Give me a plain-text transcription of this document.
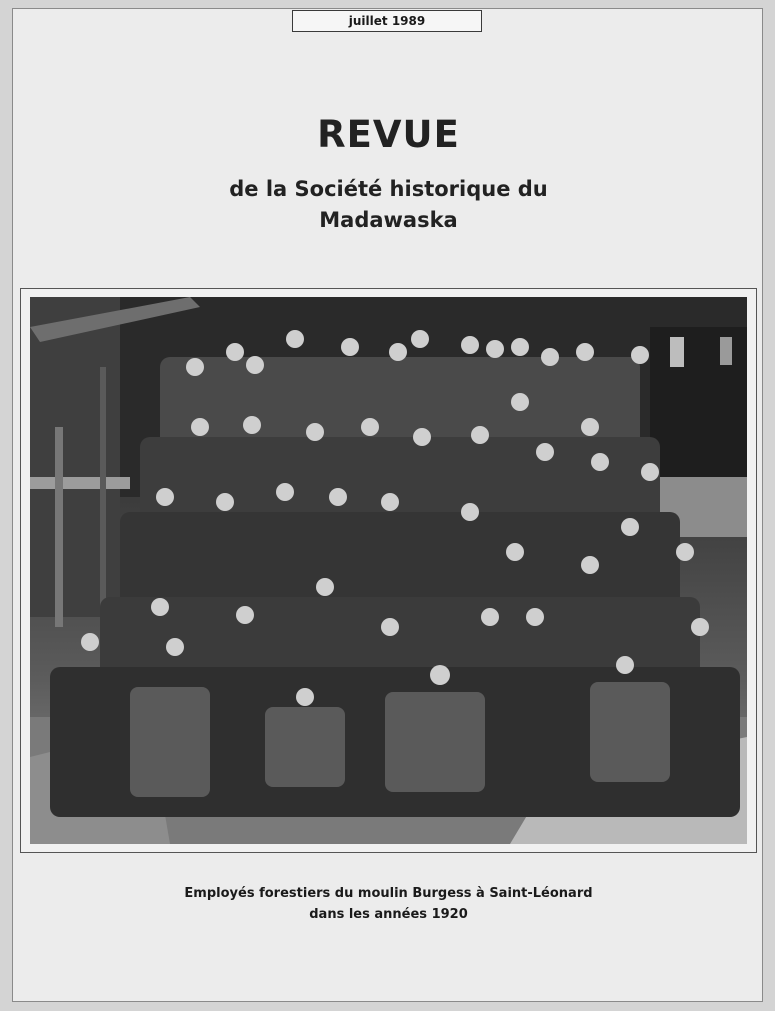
juillet 1989
REVUE
de la Société historique du
Madawaska
Employés forestiers du moulin Burgess à Saint-Léonard
dans les années 1920
